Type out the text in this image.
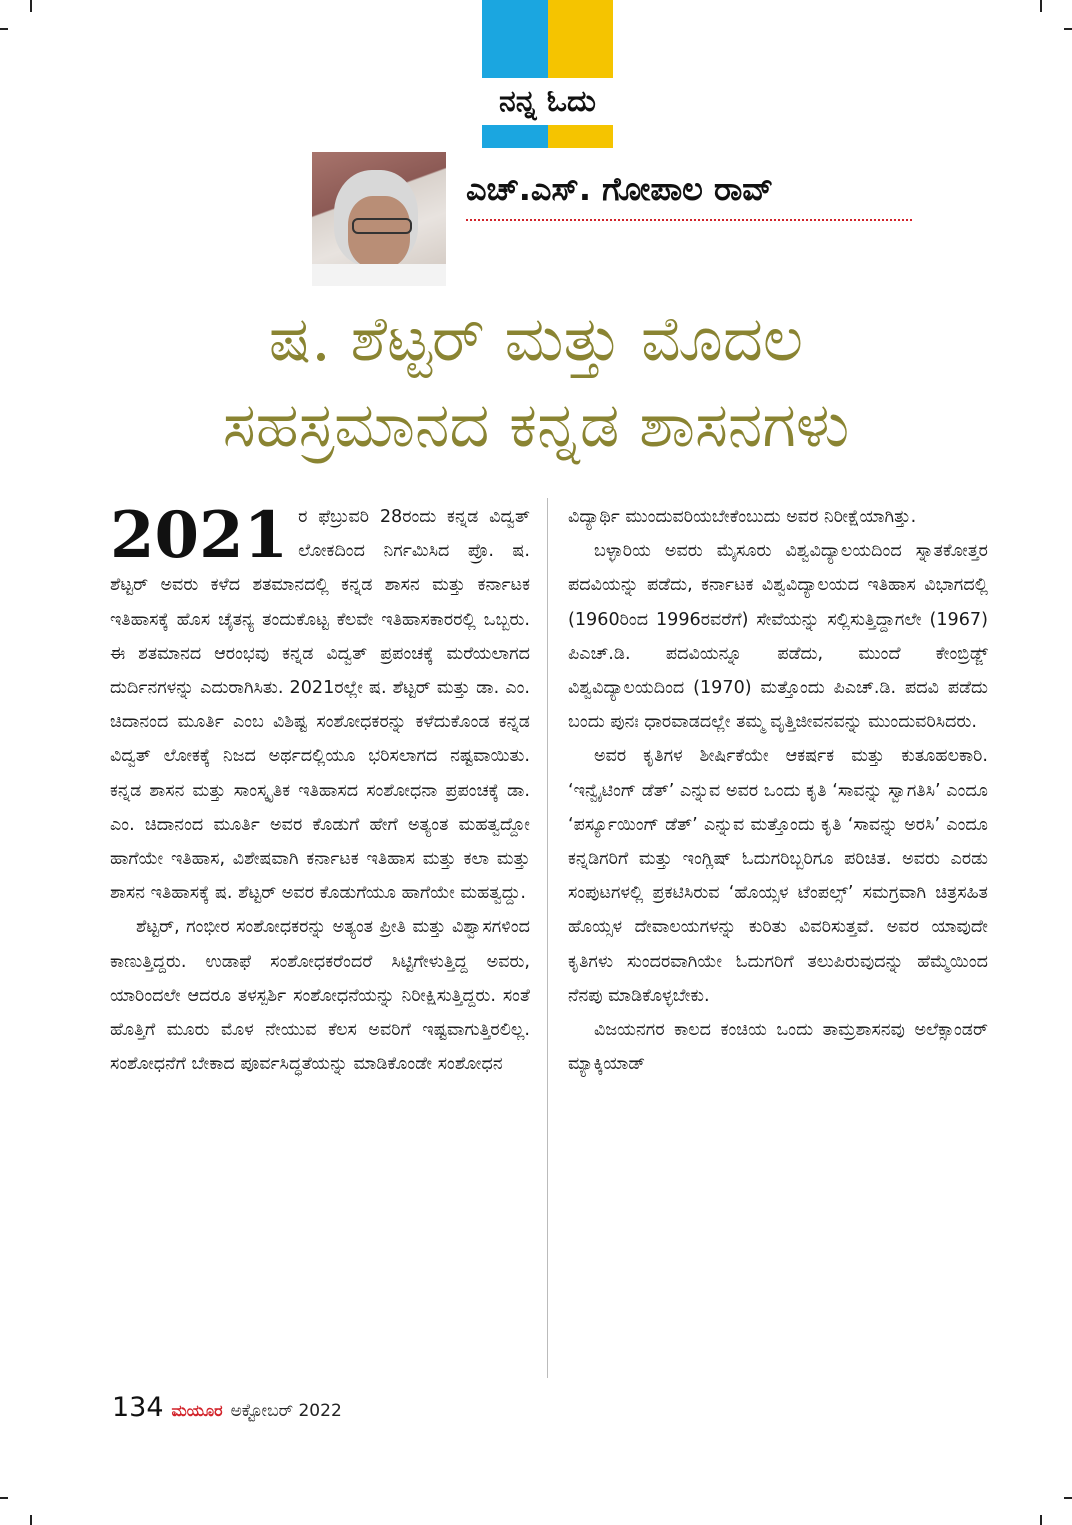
ನನ್ನ ಓದು
ಎಚ್‌.ಎಸ್‌. ಗೋಪಾಲ ರಾವ್
ಷ. ಶೆಟ್ಟರ್ ಮತ್ತು ಮೊದಲ
ಸಹಸ್ರಮಾನದ ಕನ್ನಡ ಶಾಸನಗಳು

2021 ರ ಫೆಬ್ರುವರಿ 28ರಂದು ಕನ್ನಡ ವಿದ್ವತ್ ಲೋಕದಿಂದ ನಿರ್ಗಮಿಸಿದ ಪ್ರೊ. ಷ. ಶೆಟ್ಟರ್ ಅವರು ಕಳೆದ ಶತಮಾನದಲ್ಲಿ ಕನ್ನಡ ಶಾಸನ ಮತ್ತು ಕರ್ನಾಟಕ ಇತಿಹಾಸಕ್ಕೆ ಹೊಸ ಚೈತನ್ಯ ತಂದುಕೊಟ್ಟ ಕೆಲವೇ ಇತಿಹಾಸಕಾರರಲ್ಲಿ ಒಬ್ಬರು. ಈ ಶತಮಾನದ ಆರಂಭವು ಕನ್ನಡ ವಿದ್ವತ್ ಪ್ರಪಂಚಕ್ಕೆ ಮರೆಯಲಾಗದ ದುರ್ದಿನಗಳನ್ನು ಎದುರಾಗಿಸಿತು. 2021ರಲ್ಲೇ ಷ. ಶೆಟ್ಟರ್ ಮತ್ತು ಡಾ. ಎಂ. ಚಿದಾನಂದ ಮೂರ್ತಿ ಎಂಬ ವಿಶಿಷ್ಟ ಸಂಶೋಧಕರನ್ನು ಕಳೆದುಕೊಂಡ ಕನ್ನಡ ವಿದ್ವತ್ ಲೋಕಕ್ಕೆ ನಿಜದ ಅರ್ಥದಲ್ಲಿಯೂ ಭರಿಸಲಾಗದ ನಷ್ಟವಾಯಿತು. ಕನ್ನಡ ಶಾಸನ ಮತ್ತು ಸಾಂಸ್ಕೃತಿಕ ಇತಿಹಾಸದ ಸಂಶೋಧನಾ ಪ್ರಪಂಚಕ್ಕೆ ಡಾ. ಎಂ. ಚಿದಾನಂದ ಮೂರ್ತಿ ಅವರ ಕೊಡುಗೆ ಹೇಗೆ ಅತ್ಯಂತ ಮಹತ್ವದ್ದೋ ಹಾಗೆಯೇ ಇತಿಹಾಸ, ವಿಶೇಷವಾಗಿ ಕರ್ನಾಟಕ ಇತಿಹಾಸ ಮತ್ತು ಕಲಾ ಮತ್ತು ಶಾಸನ ಇತಿಹಾಸಕ್ಕೆ ಷ. ಶೆಟ್ಟರ್ ಅವರ ಕೊಡುಗೆಯೂ ಹಾಗೆಯೇ ಮಹತ್ವದ್ದು.

ಶೆಟ್ಟರ್, ಗಂಭೀರ ಸಂಶೋಧಕರನ್ನು ಅತ್ಯಂತ ಪ್ರೀತಿ ಮತ್ತು ವಿಶ್ವಾಸಗಳಿಂದ ಕಾಣುತ್ತಿದ್ದರು. ಉಡಾಫೆ ಸಂಶೋಧಕರೆಂದರೆ ಸಿಟ್ಟಿಗೇಳುತ್ತಿದ್ದ ಅವರು, ಯಾರಿಂದಲೇ ಆದರೂ ತಳಸ್ಪರ್ಶಿ ಸಂಶೋಧನೆಯನ್ನು ನಿರೀಕ್ಷಿಸುತ್ತಿದ್ದರು. ಸಂತೆ ಹೊತ್ತಿಗೆ ಮೂರು ಮೊಳ ನೇಯುವ ಕೆಲಸ ಅವರಿಗೆ ಇಷ್ಟವಾಗುತ್ತಿರಲಿಲ್ಲ. ಸಂಶೋಧನೆಗೆ ಬೇಕಾದ ಪೂರ್ವಸಿದ್ಧತೆಯನ್ನು ಮಾಡಿಕೊಂಡೇ ಸಂಶೋಧನ

ವಿದ್ಯಾರ್ಥಿ ಮುಂದುವರಿಯಬೇಕೆಂಬುದು ಅವರ ನಿರೀಕ್ಷೆಯಾಗಿತ್ತು.

ಬಳ್ಳಾರಿಯ ಅವರು ಮೈಸೂರು ವಿಶ್ವವಿದ್ಯಾಲಯದಿಂದ ಸ್ನಾತಕೋತ್ತರ ಪದವಿಯನ್ನು ಪಡೆದು, ಕರ್ನಾಟಕ ವಿಶ್ವವಿದ್ಯಾಲಯದ ಇತಿಹಾಸ ವಿಭಾಗದಲ್ಲಿ (1960ರಿಂದ 1996ರವರೆಗೆ) ಸೇವೆಯನ್ನು ಸಲ್ಲಿಸುತ್ತಿದ್ದಾಗಲೇ (1967) ಪಿಎಚ್.ಡಿ. ಪದವಿಯನ್ನೂ ಪಡೆದು, ಮುಂದೆ ಕೇಂಬ್ರಿಡ್ಜ್ ವಿಶ್ವವಿದ್ಯಾಲಯದಿಂದ (1970) ಮತ್ತೊಂದು ಪಿಎಚ್.ಡಿ. ಪದವಿ ಪಡೆದು ಬಂದು ಪುನಃ ಧಾರವಾಡದಲ್ಲೇ ತಮ್ಮ ವೃತ್ತಿಜೀವನವನ್ನು ಮುಂದುವರಿಸಿದರು.

ಅವರ ಕೃತಿಗಳ ಶೀರ್ಷಿಕೆಯೇ ಆಕರ್ಷಕ ಮತ್ತು ಕುತೂಹಲಕಾರಿ. ‘ಇನ್ವೈಟಿಂಗ್ ಡೆತ್’ ಎನ್ನುವ ಅವರ ಒಂದು ಕೃತಿ ‘ಸಾವನ್ನು ಸ್ವಾಗತಿಸಿ’ ಎಂದೂ ‘ಪರ್ಸ್ಯೂಯಿಂಗ್ ಡೆತ್’ ಎನ್ನುವ ಮತ್ತೊಂದು ಕೃತಿ ‘ಸಾವನ್ನು ಅರಸಿ’ ಎಂದೂ ಕನ್ನಡಿಗರಿಗೆ ಮತ್ತು ಇಂಗ್ಲಿಷ್ ಓದುಗರಿಬ್ಬರಿಗೂ ಪರಿಚಿತ. ಅವರು ಎರಡು ಸಂಪುಟಗಳಲ್ಲಿ ಪ್ರಕಟಿಸಿರುವ ‘ಹೊಯ್ಸಳ ಟೆಂಪಲ್ಸ್’ ಸಮಗ್ರವಾಗಿ ಚಿತ್ರಸಹಿತ ಹೊಯ್ಸಳ ದೇವಾಲಯಗಳನ್ನು ಕುರಿತು ವಿವರಿಸುತ್ತವೆ. ಅವರ ಯಾವುದೇ ಕೃತಿಗಳು ಸುಂದರವಾಗಿಯೇ ಓದುಗರಿಗೆ ತಲುಪಿರುವುದನ್ನು ಹೆಮ್ಮೆಯಿಂದ ನೆನಪು ಮಾಡಿಕೊಳ್ಳಬೇಕು.

ವಿಜಯನಗರ ಕಾಲದ ಕಂಚಿಯ ಒಂದು ತಾಮ್ರಶಾಸನವು ಅಲೆಕ್ಸಾಂಡರ್ ಮ್ಯಾಕ್ಕಿಯಾಡ್

134 ಮಯೂರ ಅಕ್ಟೋಬರ್ 2022
